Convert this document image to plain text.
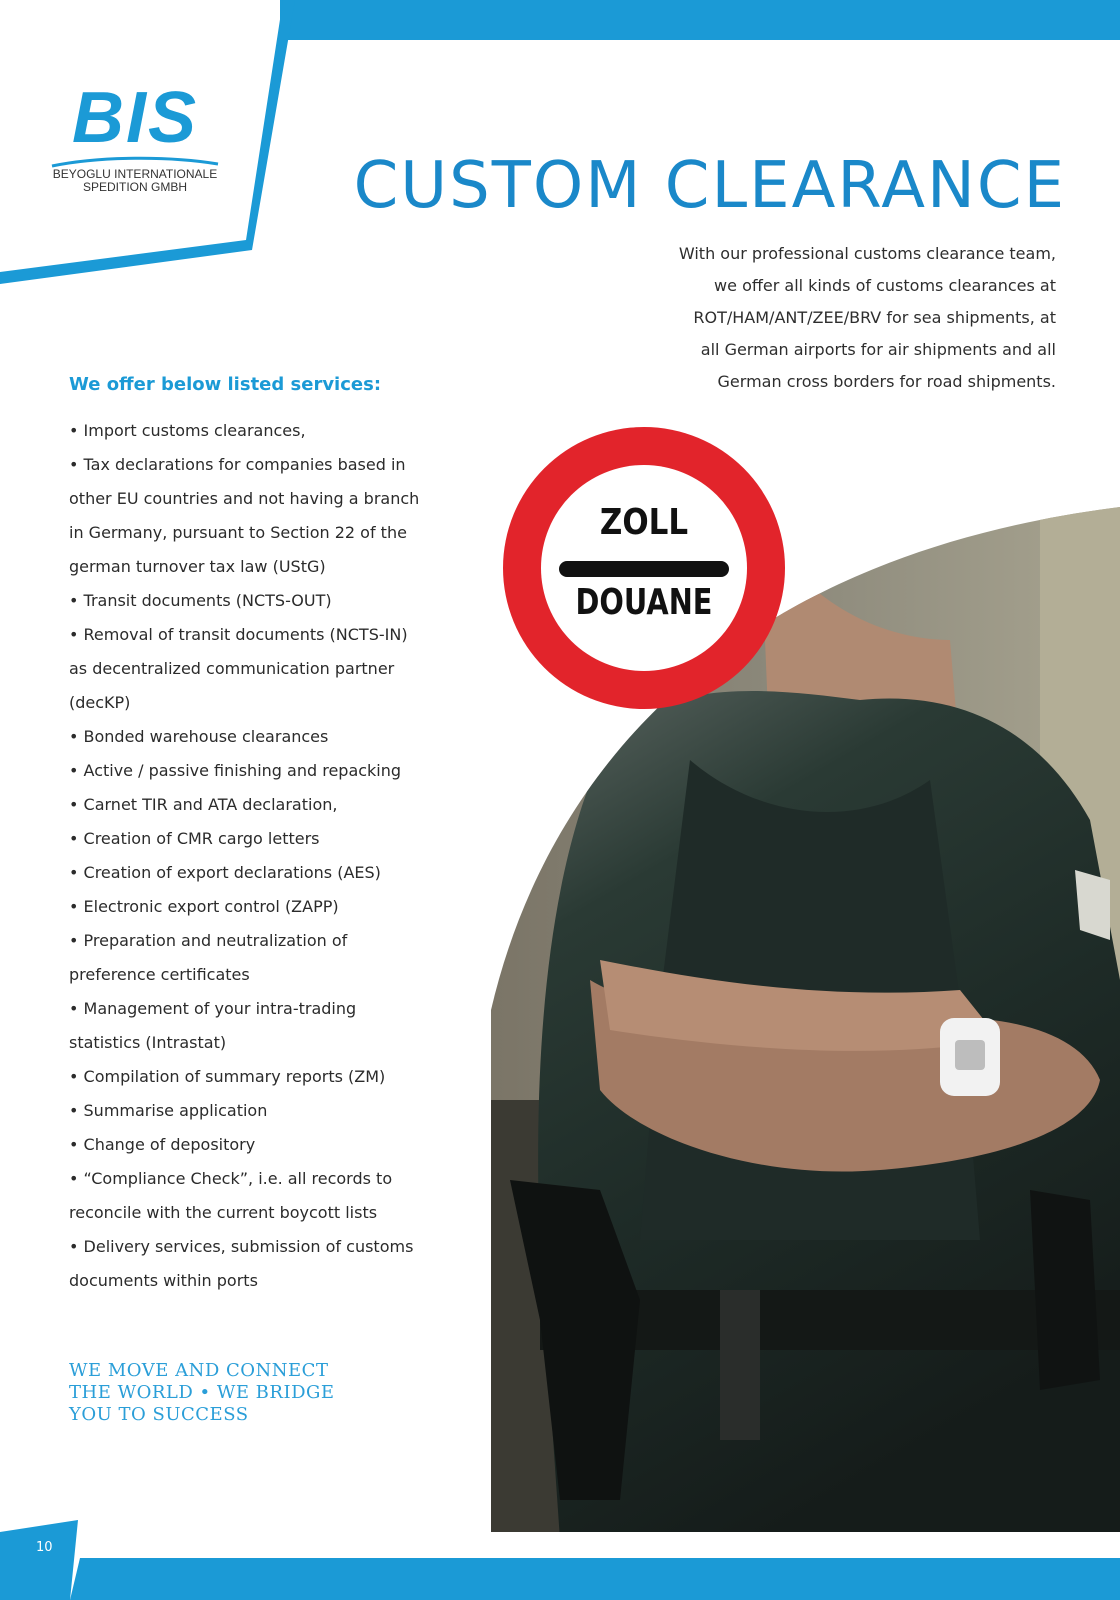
BIS
BEYOGLU INTERNATIONALE
SPEDITION GMBH	CUSTOM CLEARANCE
With our professional customs clearance team,
we offer all kinds of customs clearances at
ROT/HAM/ANT/ZEE/BRV for sea shipments, at
all German airports for air shipments and all
German cross borders for road shipments.
We offer below listed services:
• Import customs clearances,
• Tax declarations for companies based in
other EU countries and not having a branch
in Germany, pursuant to Section 22 of the
german turnover tax law (UStG)
• Transit documents (NCTS-OUT)
• Removal of transit documents (NCTS-IN)
as decentralized communication partner
(decKP)
• Bonded warehouse clearances
• Active / passive finishing and repacking
• Carnet TIR and ATA declaration,
• Creation of CMR cargo letters
• Creation of export declarations (AES)
• Electronic export control (ZAPP)
• Preparation and neutralization of
preference certificates
• Management of your intra-trading
statistics (Intrastat)
• Compilation of summary reports (ZM)
• Summarise application
• Change of depository
• “Compliance Check”, i.e. all records to
reconcile with the current boycott lists
• Delivery services, submission of customs
documents within ports
WE MOVE AND CONNECT
THE WORLD • WE BRIDGE
YOU TO SUCCESS
ZOLL
DOUANE
10
